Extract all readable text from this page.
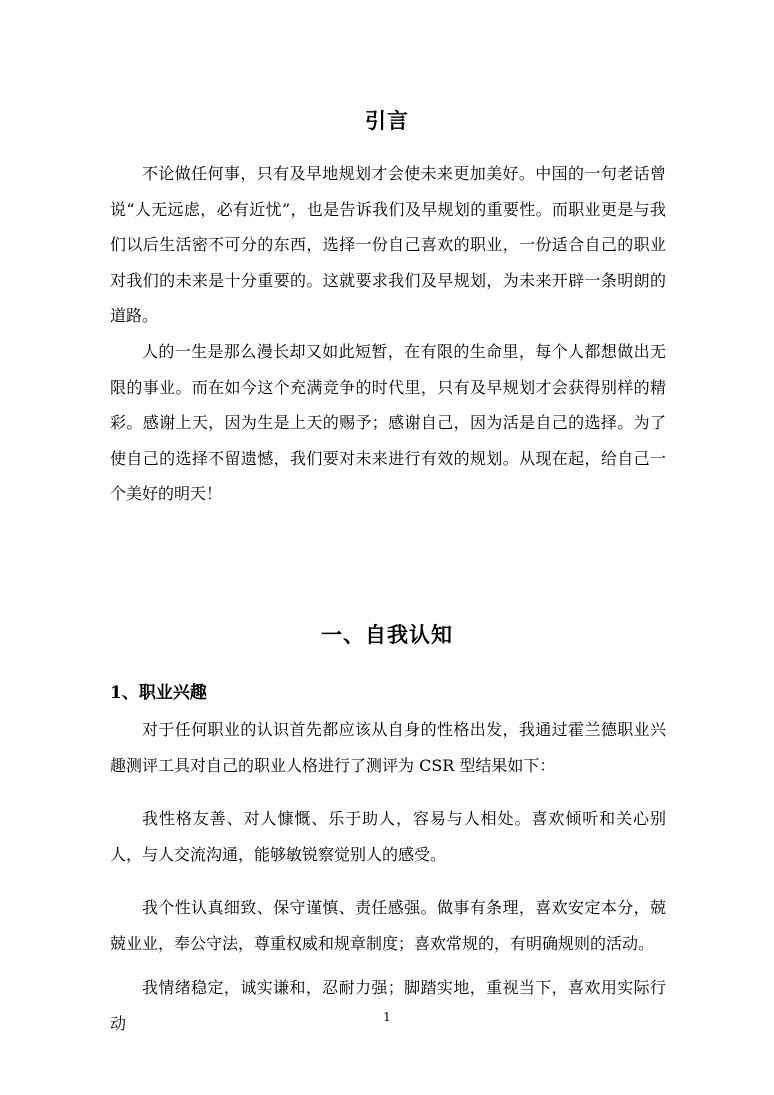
引言

不论做任何事，只有及早地规划才会使未来更加美好。中国的一句老话曾说“人无远虑，必有近忧”，也是告诉我们及早规划的重要性。而职业更是与我们以后生活密不可分的东西，选择一份自己喜欢的职业，一份适合自己的职业对我们的未来是十分重要的。这就要求我们及早规划，为未来开辟一条明朗的道路。

人的一生是那么漫长却又如此短暂，在有限的生命里，每个人都想做出无限的事业。而在如今这个充满竞争的时代里，只有及早规划才会获得别样的精彩。感谢上天，因为生是上天的赐予；感谢自己，因为活是自己的选择。为了使自己的选择不留遗憾，我们要对未来进行有效的规划。从现在起，给自己一个美好的明天！

一、自我认知
1、职业兴趣

对于任何职业的认识首先都应该从自身的性格出发，我通过霍兰德职业兴趣测评工具对自己的职业人格进行了测评为 CSR 型结果如下：

我性格友善、对人慷慨、乐于助人，容易与人相处。喜欢倾听和关心别人，与人交流沟通，能够敏锐察觉别人的感受。

我个性认真细致、保守谨慎、责任感强。做事有条理，喜欢安定本分，兢兢业业，奉公守法，尊重权威和规章制度；喜欢常规的，有明确规则的活动。

我情绪稳定，诚实谦和，忍耐力强；脚踏实地，重视当下，喜欢用实际行动	1
